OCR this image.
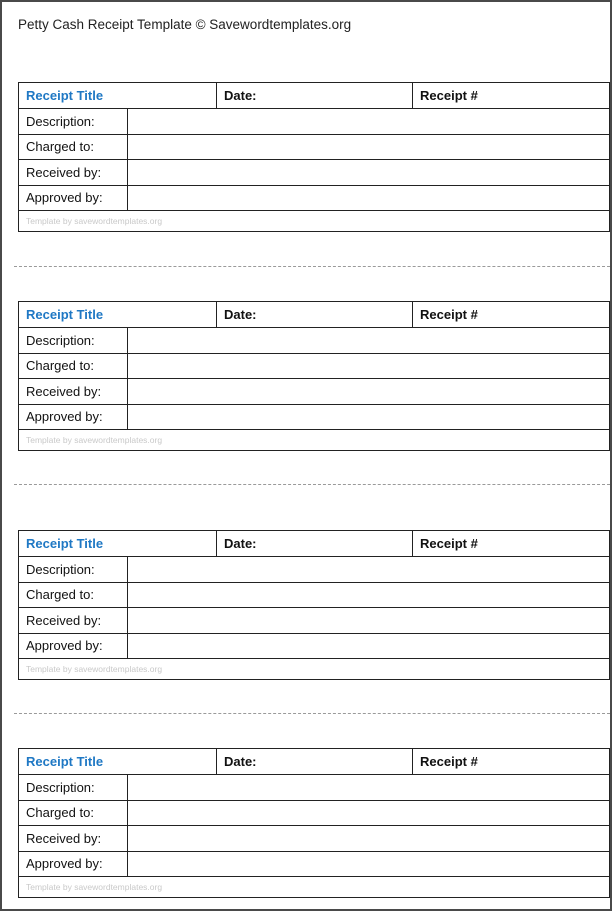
Petty Cash Receipt Template © Savewordtemplates.org
Receipt Title	Date:	Receipt #
Description:
Charged to:
Received by:
Approved by:
Template by savewordtemplates.org
Receipt Title	Date:	Receipt #
Description:
Charged to:
Received by:
Approved by:
Template by savewordtemplates.org
Receipt Title	Date:	Receipt #
Description:
Charged to:
Received by:
Approved by:
Template by savewordtemplates.org
Receipt Title	Date:	Receipt #
Description:
Charged to:
Received by:
Approved by:
Template by savewordtemplates.org
